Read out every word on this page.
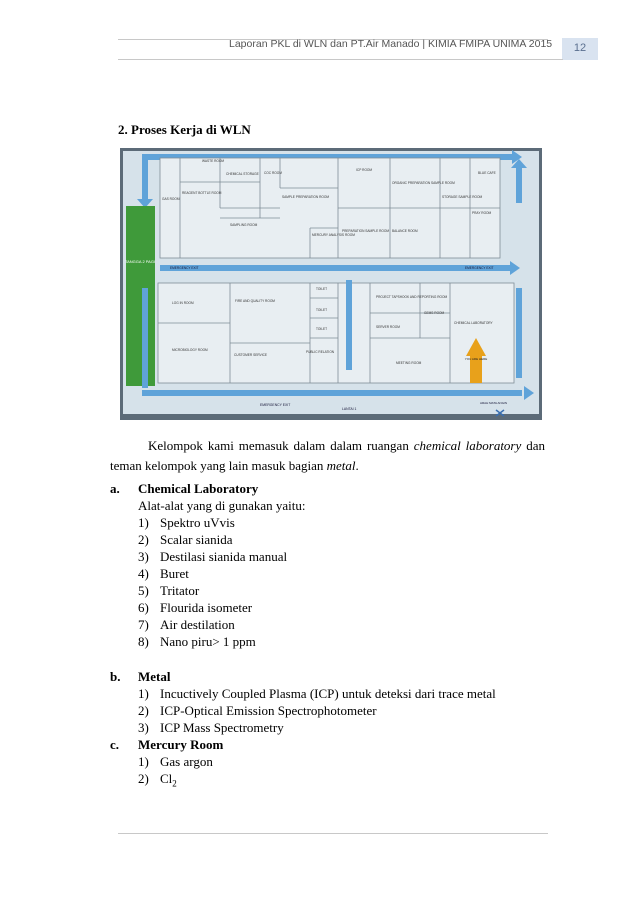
Laporan PKL di WLN dan PT.Air Manado | KIMIA FMIPA UNIMA 2015	12
2. Proses Kerja di WLN
TANGGA 2 PAGI
WASTE ROOM
CHEMICAL STORAGE COC ROOM
ICP ROOM
ORGANIC PREPARATION SAMPLE ROOM
BLUE CAFE
GAS ROOM
REAGENT BOTTLE ROOM
SAMPLE PREPARATION ROOM	STORAGE SAMPLE ROOM
PRAY ROOM
SAMPLING ROOM
MERCURY ANALYSIS ROOM
PREPARATION SAMPLE ROOM BALANCE ROOM
EMERGENCY EXIT	EMERGENCY EXIT
LOG IN ROOM
TOILET
FIRE AND QUALITY ROOM
TOILET
PROJECT TAPSHOOK AND REPORTING ROOM
SERVER ROOM
GEMS ROOM
CHEMICAL LABORATORY
MICROBIOLOGY ROOM
CUSTOMER SERVICE
PUBLIC RELATION
TOILET
MEETING ROOM
YOU ARE HERE
EMERGENCY EXIT
LANTAI 1
ARAH MATA ANGIN
Kelompok kami memasuk dalam dalam ruangan chemical laboratory dan teman kelompok yang lain masuk bagian metal.
a. Chemical Laboratory
Alat-alat yang di gunakan yaitu:
1) Spektro uVvis
2) Scalar sianida
3) Destilasi sianida manual
4) Buret
5) Tritator
6) Flourida isometer
7) Air destilation
8) Nano piru> 1 ppm
b. Metal
1) Incuctively Coupled Plasma (ICP) untuk deteksi dari trace metal
2) ICP-Optical Emission Spectrophotometer
3) ICP Mass Spectrometry
c. Mercury Room
1) Gas argon
2) $Cl_2$
